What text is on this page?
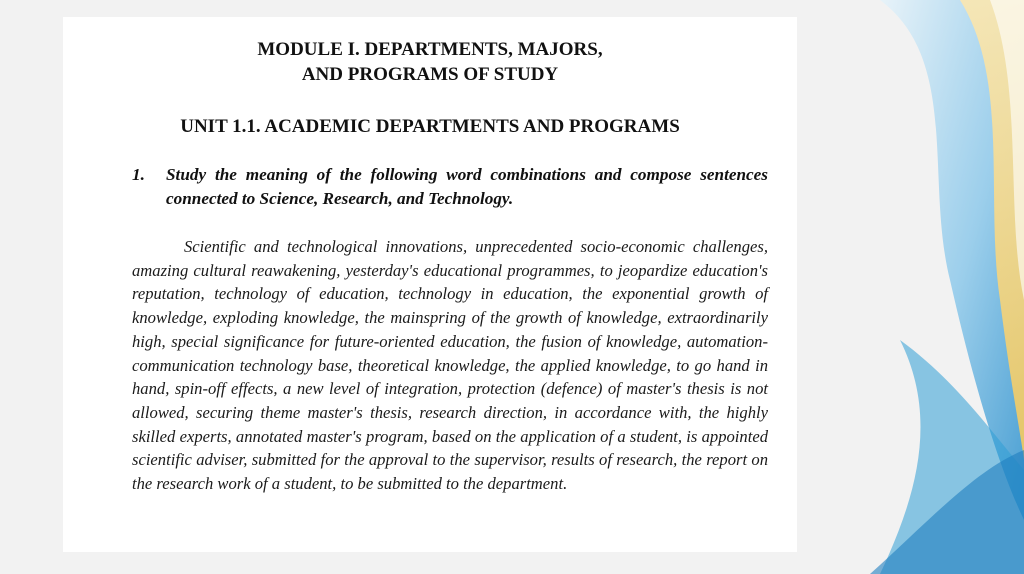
MODULE I. DEPARTMENTS, MAJORS,
AND PROGRAMS OF STUDY
UNIT 1.1. ACADEMIC DEPARTMENTS AND PROGRAMS
1. Study the meaning of the following word combinations and compose sentences connected to Science, Research, and Technology.

Scientific and technological innovations, unprecedented socio-economic challenges, amazing cultural reawakening, yesterday's educational programmes, to jeopardize education's reputation, technology of education, technology in education, the exponential growth of knowledge, exploding knowledge, the mainspring of the growth of knowledge, extraordinarily high, special significance for future-oriented education, the fusion of knowledge, automation-communication technology base, theoretical knowledge, the applied knowledge, to go hand in hand, spin-off effects, a new level of integration, protection (defence) of master's thesis is not allowed, securing theme master's thesis, research direction, in accordance with, the highly skilled experts, annotated master's program, based on the application of a student, is appointed scientific adviser, submitted for the approval to the supervisor, results of research, the report on the research work of a student, to be submitted to the department.
